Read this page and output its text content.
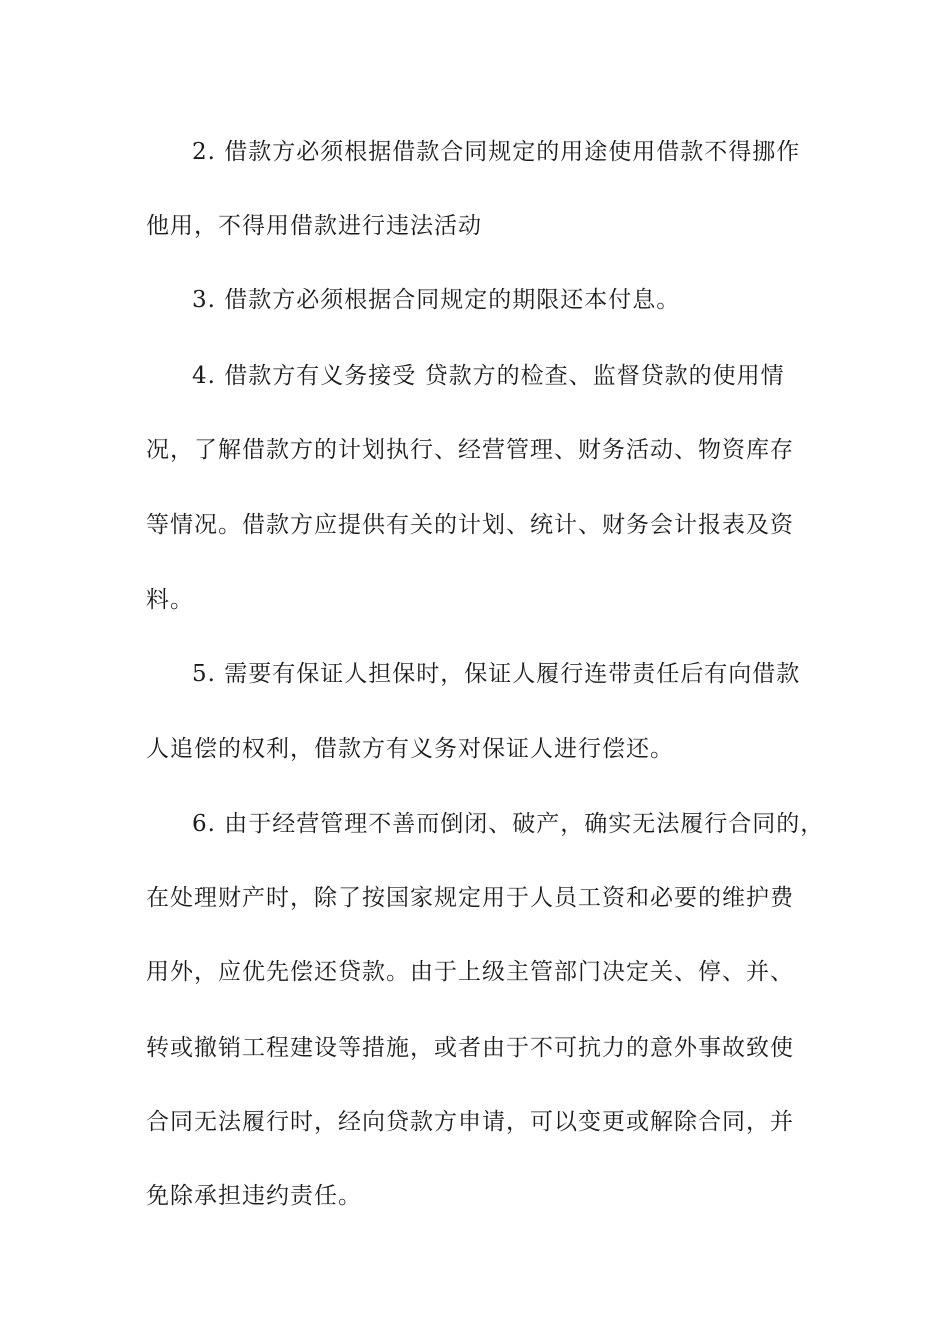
2. 借款方必须根据借款合同规定的用途使用借款不得挪作
他用，不得用借款进行违法活动
3. 借款方必须根据合同规定的期限还本付息。
4. 借款方有义务接受 贷款方的检查、监督贷款的使用情
况，了解借款方的计划执行、经营管理、财务活动、物资库存
等情况。借款方应提供有关的计划、统计、财务会计报表及资
料。
5. 需要有保证人担保时，保证人履行连带责任后有向借款
人追偿的权利，借款方有义务对保证人进行偿还。
6. 由于经营管理不善而倒闭、破产，确实无法履行合同的，
在处理财产时，除了按国家规定用于人员工资和必要的维护费
用外，应优先偿还贷款。由于上级主管部门决定关、停、并、
转或撤销工程建设等措施，或者由于不可抗力的意外事故致使
合同无法履行时，经向贷款方申请，可以变更或解除合同，并
免除承担违约责任。
